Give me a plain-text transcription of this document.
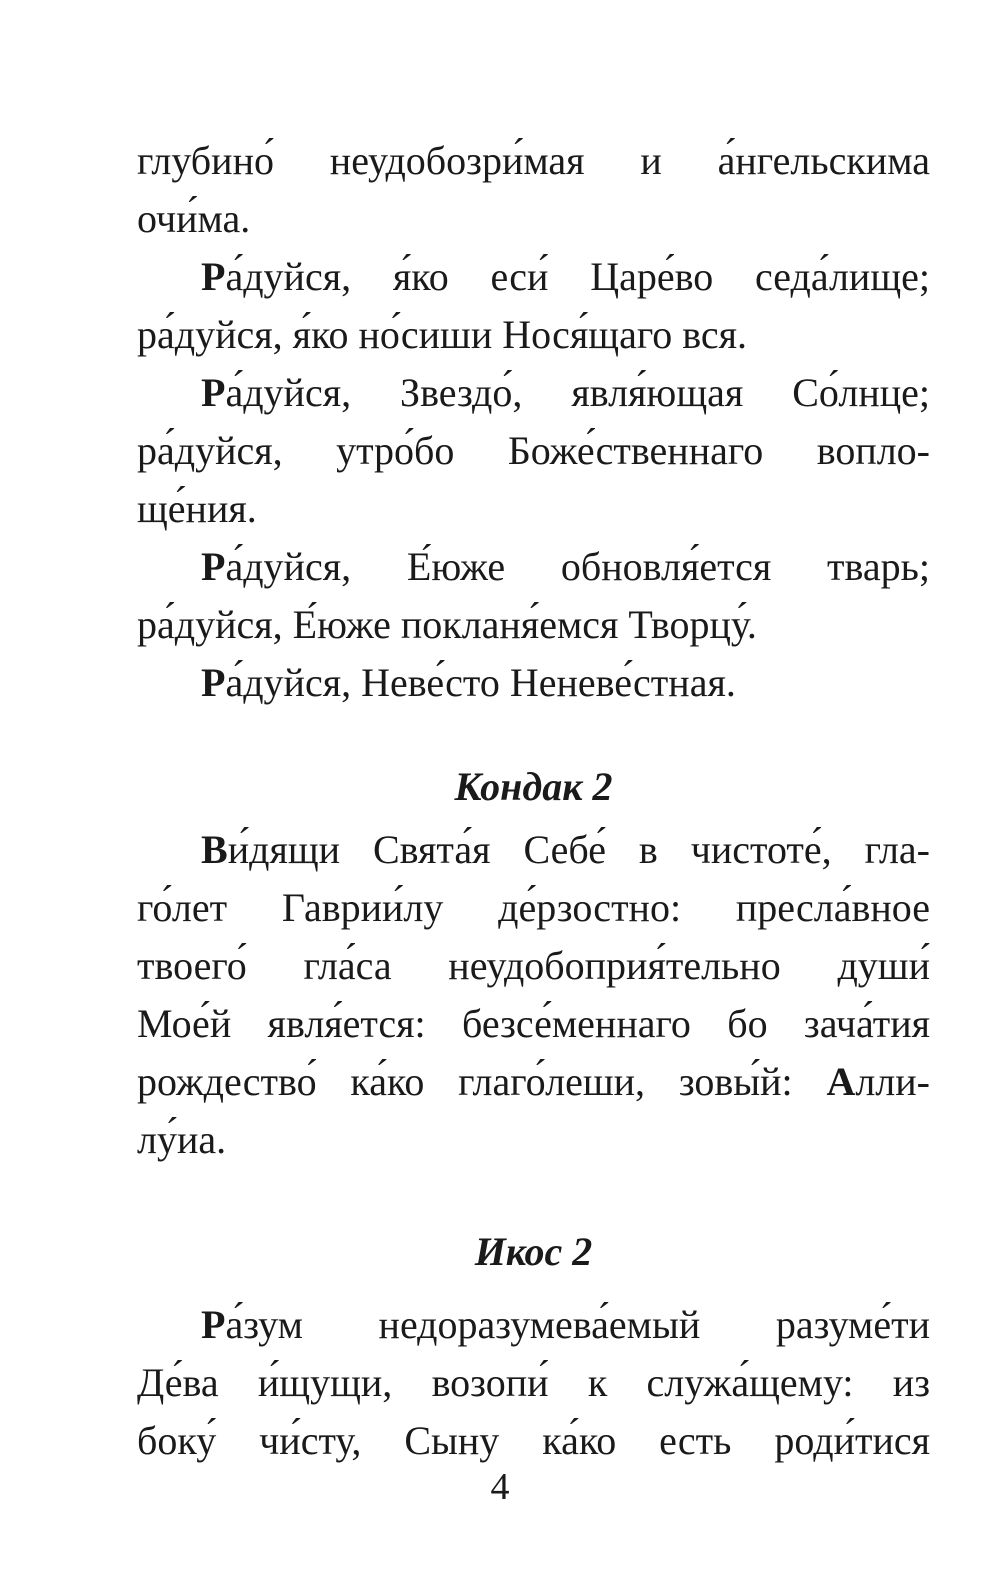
глубино́ неудобозри́мая и а́нгельскима
очи́ма.
Ра́дуйся, я́ко еси́ Царе́во седа́лище;
ра́дуйся, я́ко но́сиши Нося́щаго вся.
Ра́дуйся, Звездо́, явля́ющая Со́лнце;
ра́дуйся, утро́бо Боже́ственнаго вопло-
ще́ния.
Ра́дуйся, Е́юже обновля́ется тварь;
ра́дуйся, Е́юже покланя́емся Творцу́.
Ра́дуйся, Неве́сто Неневе́стная.
Кондак 2
Ви́дящи Свята́я Себе́ в чистоте́, гла-
го́лет Гаврии́лу де́рзостно: пресла́вное
твоего́ гла́са неудобоприя́тельно души́
Мое́й явля́ется: безсе́меннаго бо зача́тия
рождество́ ка́ко глаго́леши, зовы́й: Алли-
лу́иа.
Икос 2
Ра́зум недоразумева́емый разуме́ти
Де́ва и́щущи, возопи́ к служа́щему: из
боку́ чи́сту, Сыну ка́ко есть роди́тися
4
